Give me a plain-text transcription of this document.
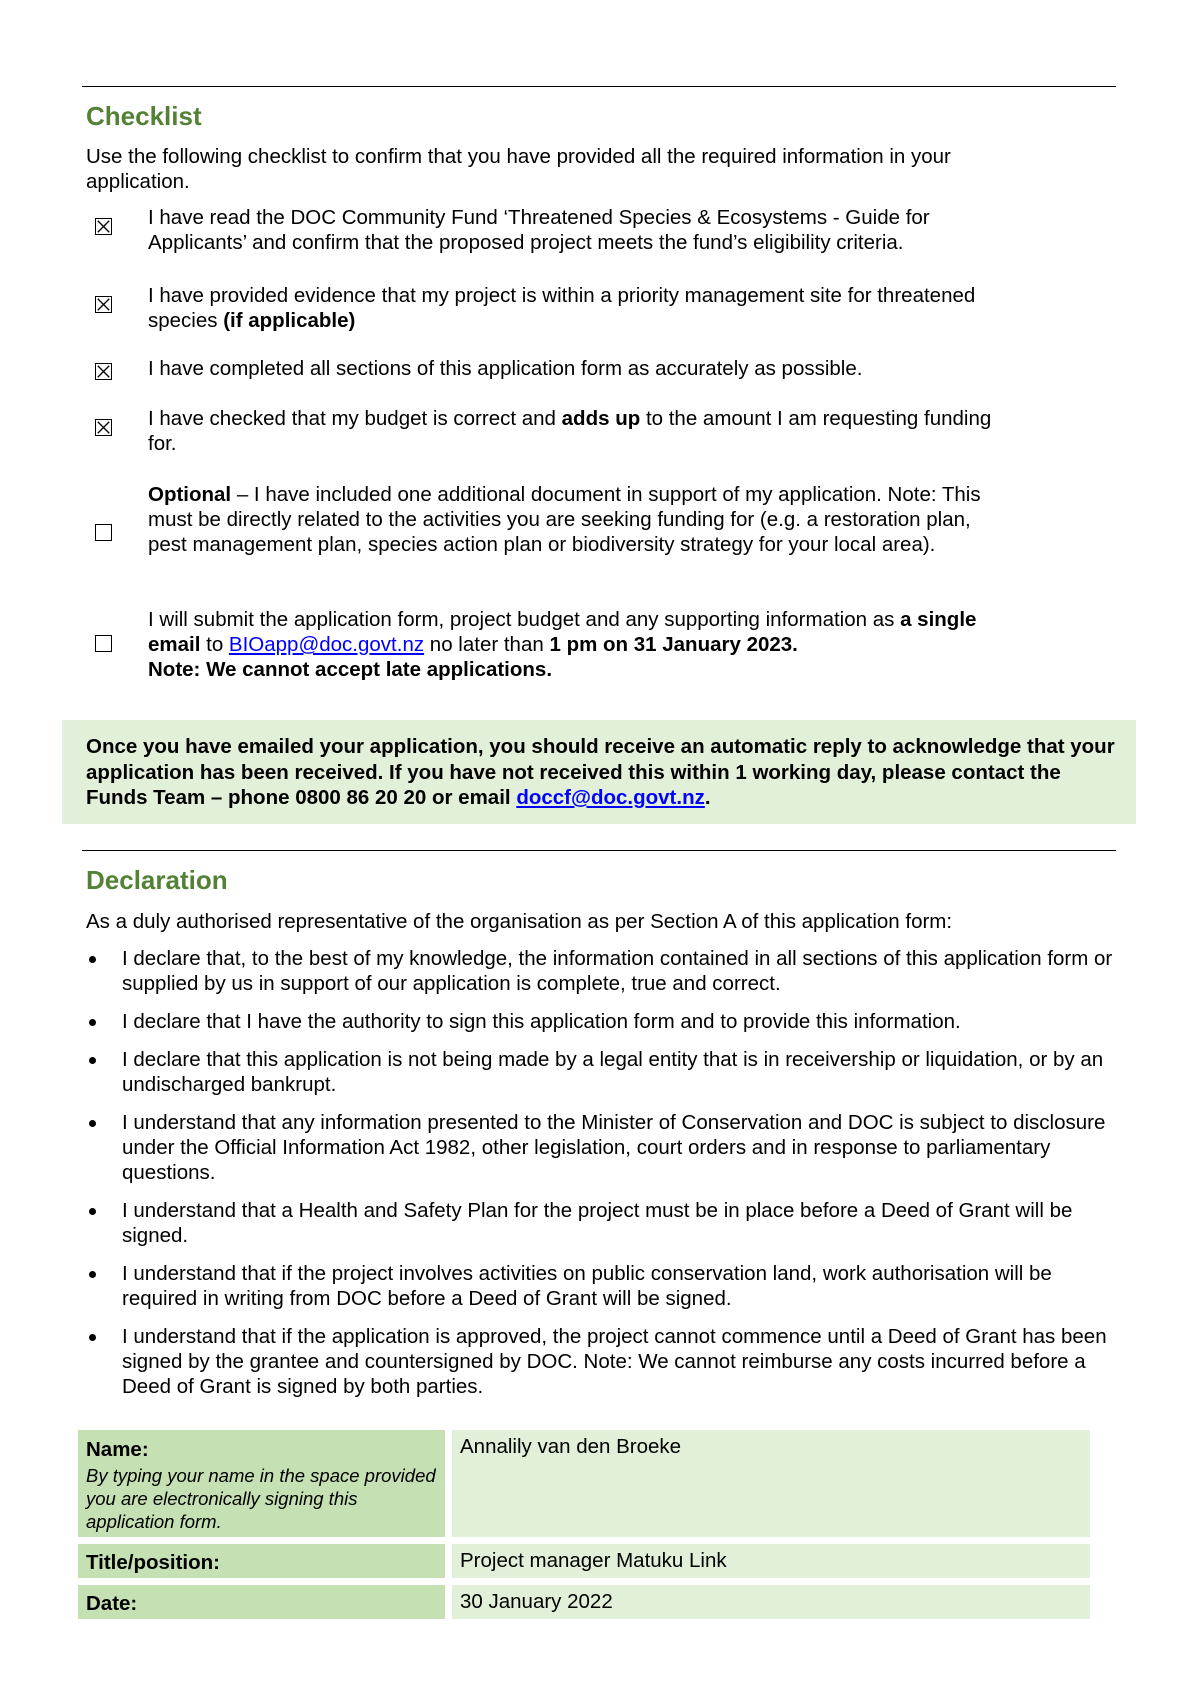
Checklist
Use the following checklist to confirm that you have provided all the required information in your application.
I have read the DOC Community Fund ‘Threatened Species & Ecosystems - Guide for Applicants’ and confirm that the proposed project meets the fund’s eligibility criteria.
I have provided evidence that my project is within a priority management site for threatened species (if applicable)
I have completed all sections of this application form as accurately as possible.
I have checked that my budget is correct and adds up to the amount I am requesting funding for.
Optional – I have included one additional document in support of my application. Note: This must be directly related to the activities you are seeking funding for (e.g. a restoration plan, pest management plan, species action plan or biodiversity strategy for your local area).
I will submit the application form, project budget and any supporting information as a single email to BIOapp@doc.govt.nz no later than 1 pm on 31 January 2023.
Note: We cannot accept late applications.
Once you have emailed your application, you should receive an automatic reply to acknowledge that your application has been received. If you have not received this within 1 working day, please contact the Funds Team – phone 0800 86 20 20 or email doccf@doc.govt.nz.
Declaration
As a duly authorised representative of the organisation as per Section A of this application form:
I declare that, to the best of my knowledge, the information contained in all sections of this application form or supplied by us in support of our application is complete, true and correct.
I declare that I have the authority to sign this application form and to provide this information.
I declare that this application is not being made by a legal entity that is in receivership or liquidation, or by an undischarged bankrupt.
I understand that any information presented to the Minister of Conservation and DOC is subject to disclosure under the Official Information Act 1982, other legislation, court orders and in response to parliamentary questions.
I understand that a Health and Safety Plan for the project must be in place before a Deed of Grant will be signed.
I understand that if the project involves activities on public conservation land, work authorisation will be required in writing from DOC before a Deed of Grant will be signed.
I understand that if the application is approved, the project cannot commence until a Deed of Grant has been signed by the grantee and countersigned by DOC. Note: We cannot reimburse any costs incurred before a Deed of Grant is signed by both parties.
Name:
By typing your name in the space provided you are electronically signing this application form.		Annalily van den Broeke

Title/position:		Project manager Matuku Link

Date:		30 January 2022
